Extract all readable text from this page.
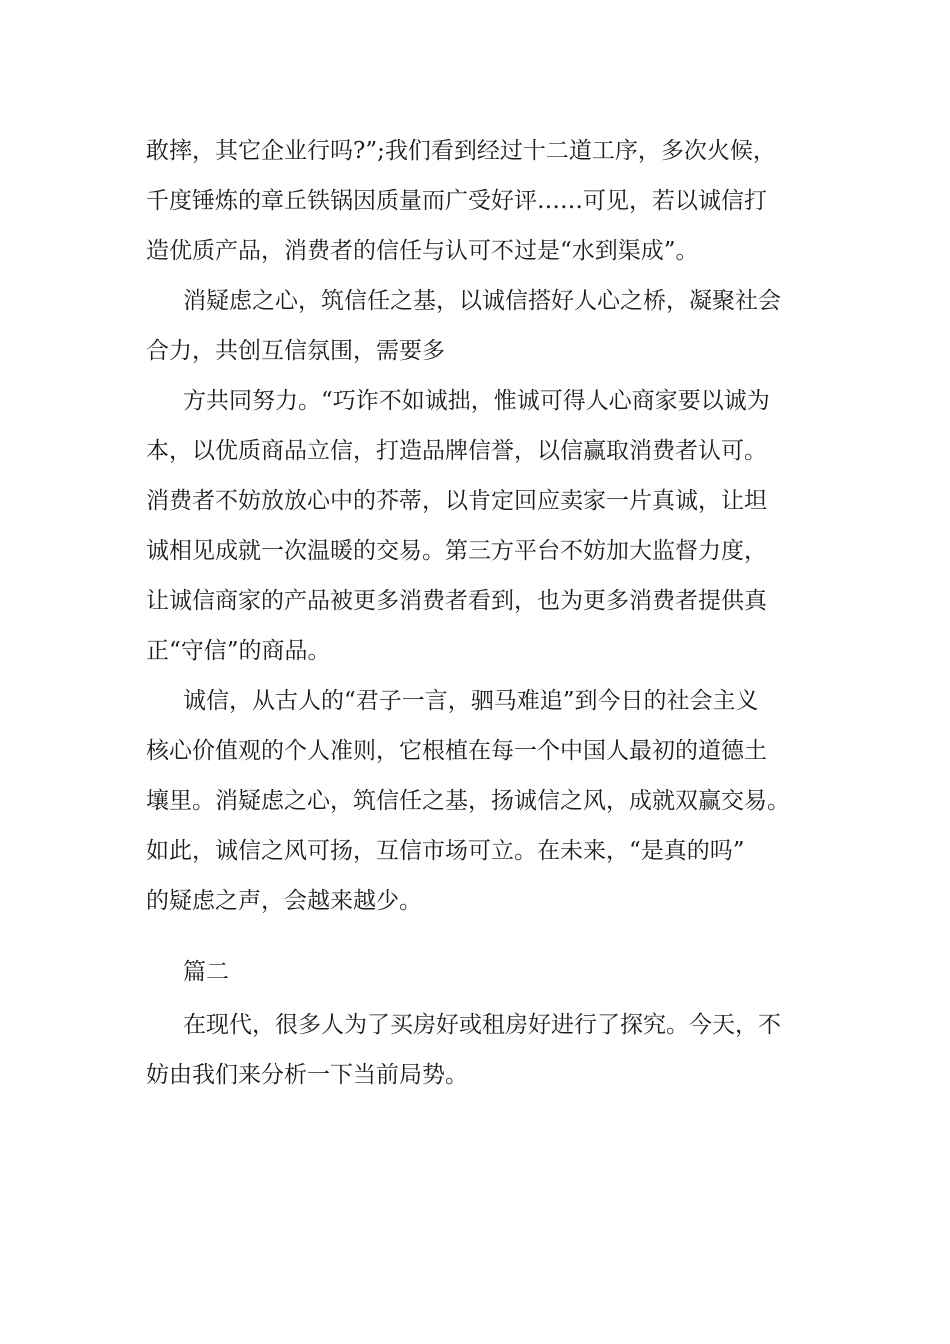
敢摔，其它企业行吗?”;我们看到经过十二道工序，多次火候，
千度锤炼的章丘铁锅因质量而广受好评……可见，若以诚信打
造优质产品，消费者的信任与认可不过是“水到渠成”。
消疑虑之心，筑信任之基，以诚信搭好人心之桥，凝聚社会
合力，共创互信氛围，需要多
方共同努力。“巧诈不如诚拙，惟诚可得人心商家要以诚为
本，以优质商品立信，打造品牌信誉，以信赢取消费者认可。
消费者不妨放放心中的芥蒂，以肯定回应卖家一片真诚，让坦
诚相见成就一次温暖的交易。第三方平台不妨加大监督力度，
让诚信商家的产品被更多消费者看到，也为更多消费者提供真
正“守信”的商品。
诚信，从古人的“君子一言，驷马难追”到今日的社会主义
核心价值观的个人准则，它根植在每一个中国人最初的道德土
壤里。消疑虑之心，筑信任之基，扬诚信之风，成就双赢交易。
如此，诚信之风可扬，互信市场可立。在未来，“是真的吗”
的疑虑之声，会越来越少。
篇二
在现代，很多人为了买房好或租房好进行了探究。今天，不
妨由我们来分析一下当前局势。
